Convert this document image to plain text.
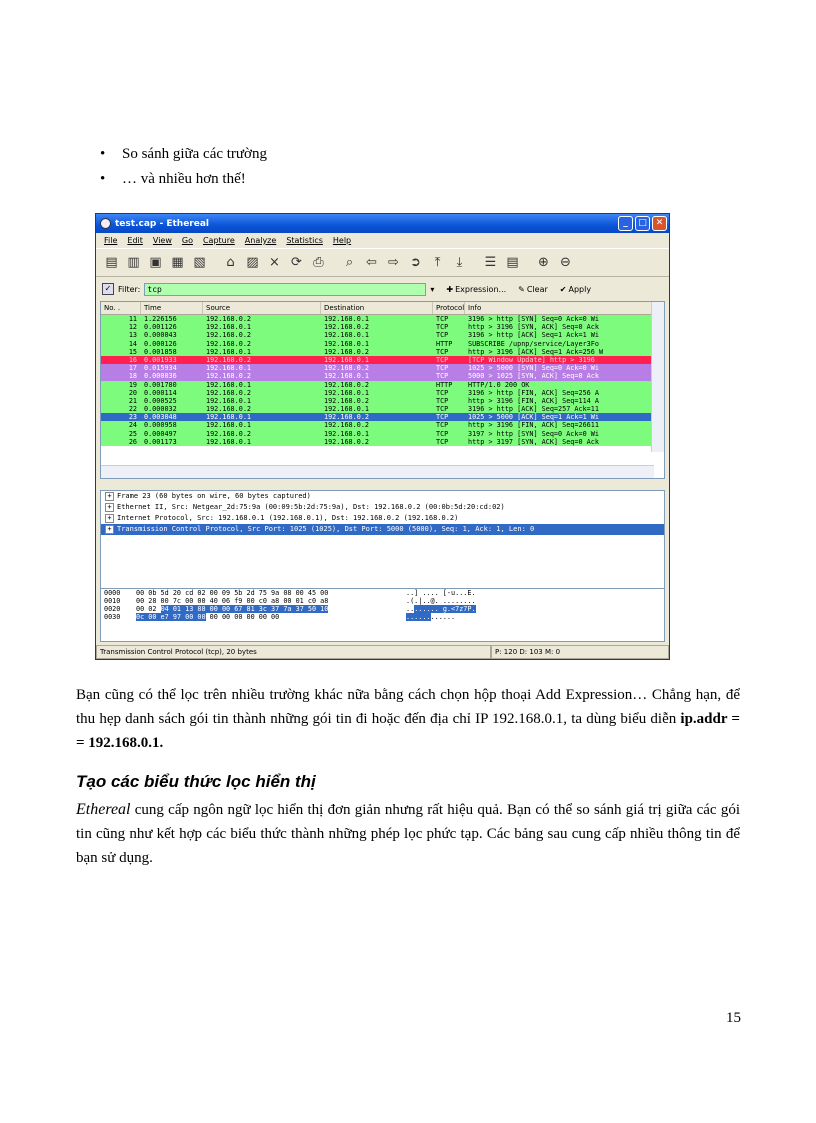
• So sánh giữa các trường
• … và nhiều hơn thế!
test.cap - Ethereal	_	□ ✕
File Edit View Go Capture Analyze Statistics Help
▤ ▥ ▣ ▦ ▧	⌂ ▨ × ⟳ ⎙	⌕ ⇦ ⇨ ➲	⤒	⤓	☰ ▤	⊕ ⊖
✓ Filter: tcp	▾ ✚ Expression... ✎ Clear ✔ Apply
No. .	Time	Source	Destination	Protocol Info
11	1.226156	192.168.0.2	192.168.0.1	TCP	3196 > http [SYN] Seq=0 Ack=0 Wi
12	0.001126	192.168.0.1	192.168.0.2	TCP	http > 3196 [SYN, ACK] Seq=0 Ack
13	0.000043	192.168.0.2	192.168.0.1	TCP	3196 > http [ACK] Seq=1 Ack=1 Wi
14	0.000126	192.168.0.2	192.168.0.1	HTTP	SUBSCRIBE /upnp/service/Layer3Fo
15	0.001858	192.168.0.1	192.168.0.2	TCP	http > 3196 [ACK] Seq=1 Ack=256 W
16	0.001933	192.168.0.2	192.168.0.1	TCP	[TCP Window Update] http > 3196
17	0.015934	192.168.0.1	192.168.0.2	TCP	1025 > 5000 [SYN] Seq=0 Ack=0 Wi
18	0.000036	192.168.0.2	192.168.0.1	TCP	5000 > 1025 [SYN, ACK] Seq=0 Ack
19	0.001780	192.168.0.1	192.168.0.2	HTTP	HTTP/1.0 200 OK
20	0.000114	192.168.0.2	192.168.0.1	TCP	3196 > http [FIN, ACK] Seq=256 A
21	0.000525	192.168.0.1	192.168.0.2	TCP	http > 3196 [FIN, ACK] Seq=114 A
22	0.000032	192.168.0.2	192.168.0.1	TCP	3196 > http [ACK] Seq=257 Ack=11
23	0.003048	192.168.0.1	192.168.0.2	TCP	1025 > 5000 [ACK] Seq=1 Ack=1 Wi
24	0.000958	192.168.0.1	192.168.0.2	TCP	http > 3196 [FIN, ACK] Seq=26611
25	0.000497	192.168.0.2	192.168.0.1	TCP	3197 > http [SYN] Seq=0 Ack=0 Wi
26	0.001173	192.168.0.1	192.168.0.2	TCP	http > 3197 [SYN, ACK] Seq=0 Ack
+ Frame 23 (60 bytes on wire, 60 bytes captured)
+ Ethernet II, Src: Netgear_2d:75:9a (00:09:5b:2d:75:9a), Dst: 192.168.0.2 (00:0b:5d:20:cd:02)
+ Internet Protocol, Src: 192.168.0.1 (192.168.0.1), Dst: 192.168.0.2 (192.168.0.2)
+ Transmission Control Protocol, Src Port: 1025 (1025), Dst Port: 5000 (5000), Seq: 1, Ack: 1, Len: 0
0000 00 0b 5d 20 cd 02 00 09 5b 2d 75 9a 08 00 45 00	..] .... [-u...E.
0010 00 28 00 7c 00 00 40 06 f9 00 c0 a8 00 01 c0 a8	.(.|..@. ........
0020 00 02 04 01 13 88 00 00 67 81 3c 37 7a 37 50 10	........ g.<7z7P.
0030 0c 00 e7 97 00 00 00 00 00 00 00 00	............
Transmission Control Protocol (tcp), 20 bytes	P: 120 D: 103 M: 0

Bạn cũng có thể lọc trên nhiều trường khác nữa bằng cách chọn hộp thoại Add Expression… Chẳng hạn, để thu hẹp danh sách gói tin thành những gói tin đi hoặc đến địa chỉ IP 192.168.0.1, ta dùng biểu diễn ip.addr = = 192.168.0.1.

Tạo các biểu thức lọc hiển thị

Ethereal cung cấp ngôn ngữ lọc hiển thị đơn giản nhưng rất hiệu quả. Bạn có thể so sánh giá trị giữa các gói tin cũng như kết hợp các biểu thức thành những phép lọc phức tạp. Các bảng sau cung cấp nhiều thông tin để bạn sử dụng.

15
